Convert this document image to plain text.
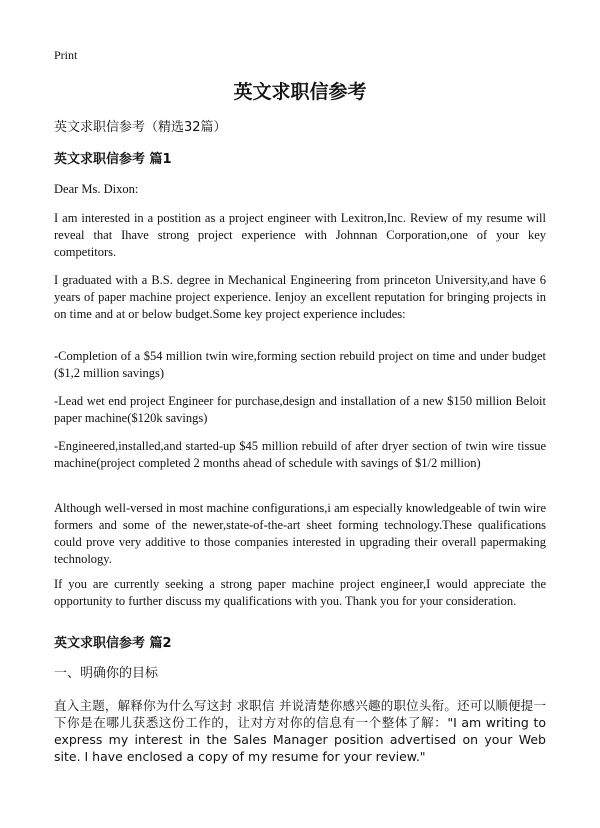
Print
英文求职信参考
英文求职信参考（精选32篇）
英文求职信参考 篇1

Dear Ms. Dixon:

I am interested in a postition as a project engineer with Lexitron,Inc. Review of my resume will reveal that Ihave strong project experience with Johnnan Corporation,one of your key competitors.

I graduated with a B.S. degree in Mechanical Engineering from princeton University,and have 6 years of paper machine project experience. Ienjoy an excellent reputation for bringing projects in on time and at or below budget.Some key project experience includes:

-Completion of a $54 million twin wire,forming section rebuild project on time and under budget ($1,2 million savings)

-Lead wet end project Engineer for purchase,design and installation of a new $150 million Beloit paper machine($120k savings)

-Engineered,installed,and started-up $45 million rebuild of after dryer section of twin wire tissue machine(project completed 2 months ahead of schedule with savings of $1/2 million)

Although well-versed in most machine configurations,i am especially knowledgeable of twin wire formers and some of the newer,state-of-the-art sheet forming technology.These qualifications could prove very additive to those companies interested in upgrading their overall papermaking technology.

If you are currently seeking a strong paper machine project engineer,I would appreciate the opportunity to further discuss my qualifications with you. Thank you for your consideration.

英文求职信参考 篇2
一、明确你的目标

直入主题，解释你为什么写这封 求职信 并说清楚你感兴趣的职位头衔。还可以顺便提一下你是在哪儿获悉这份工作的，让对方对你的信息有一个整体了解："I am writing to express my interest in the Sales Manager position advertised on your Web site. I have enclosed a copy of my resume for your review."
